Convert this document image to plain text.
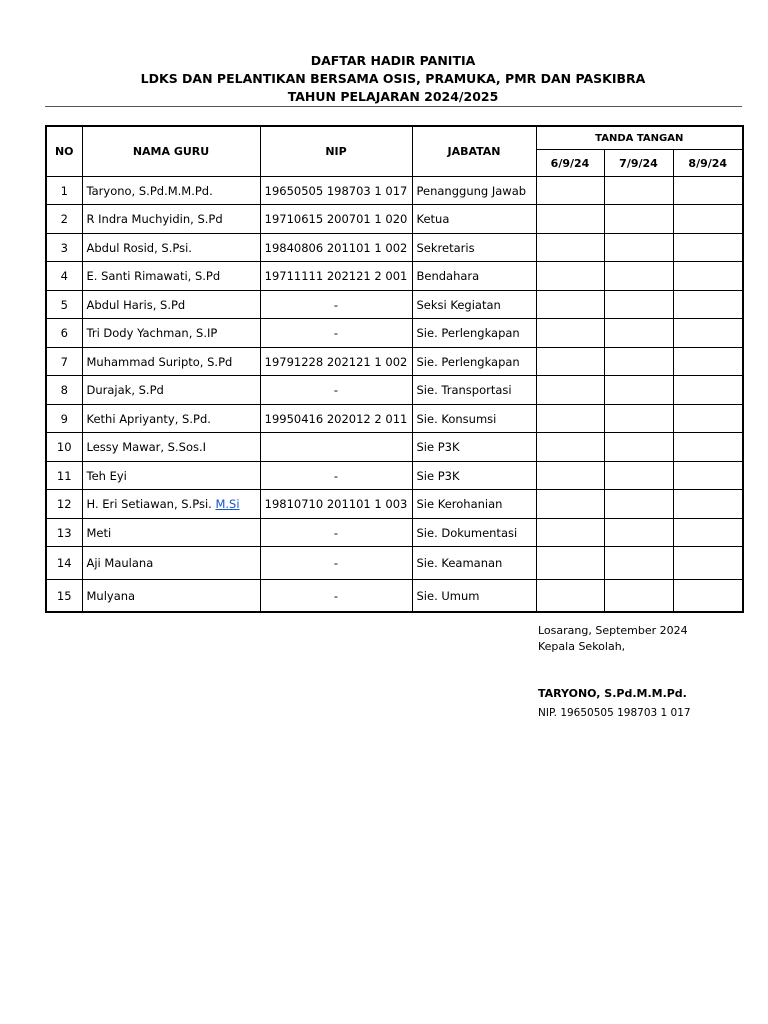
DAFTAR HADIR PANITIA
LDKS DAN PELANTIKAN BERSAMA OSIS, PRAMUKA, PMR DAN PASKIBRA
TAHUN PELAJARAN 2024/2025
NO	NAMA GURU	NIP	JABATAN	TANDA TANGAN		
				6/9/24	7/9/24	8/9/24
1	Taryono, S.Pd.M.M.Pd.	19650505 198703 1 017	Penanggung Jawab			
2	R Indra Muchyidin, S.Pd	19710615 200701 1 020	Ketua			
3	Abdul Rosid, S.Psi.	19840806 201101 1 002	Sekretaris			
4	E. Santi Rimawati, S.Pd	19711111 202121 2 001	Bendahara			
5	Abdul Haris, S.Pd	-	Seksi Kegiatan			
6	Tri Dody Yachman, S.IP	-	Sie. Perlengkapan			
7	Muhammad Suripto, S.Pd	19791228 202121 1 002	Sie. Perlengkapan			
8	Durajak, S.Pd	-	Sie. Transportasi			
9	Kethi Apriyanty, S.Pd.	19950416 202012 2 011	Sie. Konsumsi			
10	Lessy Mawar, S.Sos.I		Sie P3K			
11	Teh Eyi	-	Sie P3K			
12	H. Eri Setiawan, S.Psi. M.Si	19810710 201101 1 003	Sie Kerohanian			
13	Meti	-	Sie. Dokumentasi			
14	Aji Maulana	-	Sie. Keamanan			
15	Mulyana	-	Sie. Umum			
Losarang, September 2024
Kepala Sekolah,
TARYONO, S.Pd.M.M.Pd.
NIP. 19650505 198703 1 017
